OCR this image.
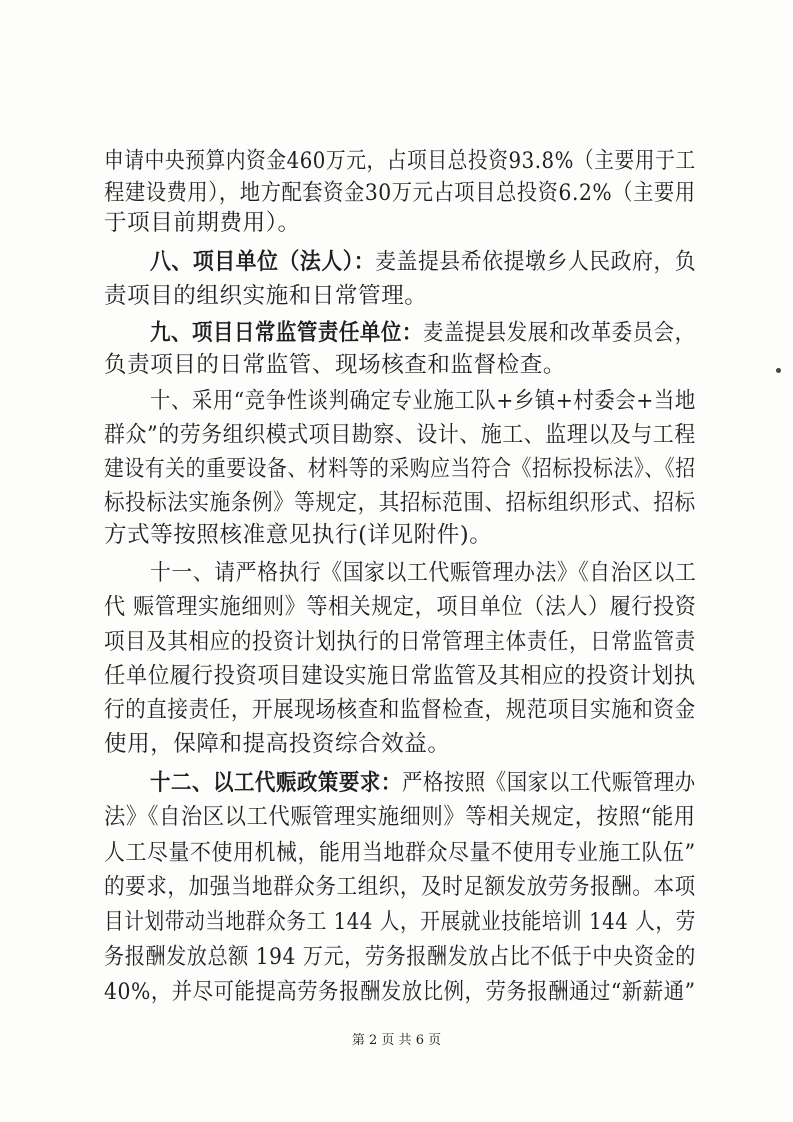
申请中央预算内资金460万元，占项目总投资93.8%（主要用于工
程建设费用），地方配套资金30万元占项目总投资6.2%（主要用
于项目前期费用）。
八、项目单位（法人）：麦盖提县希依提墩乡人民政府，负
责项目的组织实施和日常管理。
九、项目日常监管责任单位：麦盖提县发展和改革委员会，
负责项目的日常监管、现场核查和监督检查。
十、采用“竞争性谈判确定专业施工队+乡镇+村委会+当地
群众”的劳务组织模式项目勘察、设计、施工、监理以及与工程
建设有关的重要设备、材料等的采购应当符合《招标投标法》、《招
标投标法实施条例》等规定，其招标范围、招标组织形式、招标
方式等按照核准意见执行(详见附件)。
十一、请严格执行《国家以工代赈管理办法》《自治区以工
代 赈管理实施细则》等相关规定，项目单位（法人）履行投资
项目及其相应的投资计划执行的日常管理主体责任，日常监管责
任单位履行投资项目建设实施日常监管及其相应的投资计划执
行的直接责任，开展现场核查和监督检查，规范项目实施和资金
使用，保障和提高投资综合效益。
十二、以工代赈政策要求：严格按照《国家以工代赈管理办
法》《自治区以工代赈管理实施细则》等相关规定，按照“能用
人工尽量不使用机械，能用当地群众尽量不使用专业施工队伍”
的要求，加强当地群众务工组织，及时足额发放劳务报酬。本项
目计划带动当地群众务工 144 人，开展就业技能培训 144 人，劳
务报酬发放总额 194 万元，劳务报酬发放占比不低于中央资金的
40%，并尽可能提高劳务报酬发放比例，劳务报酬通过“新薪通”
第 2 页 共 6 页
